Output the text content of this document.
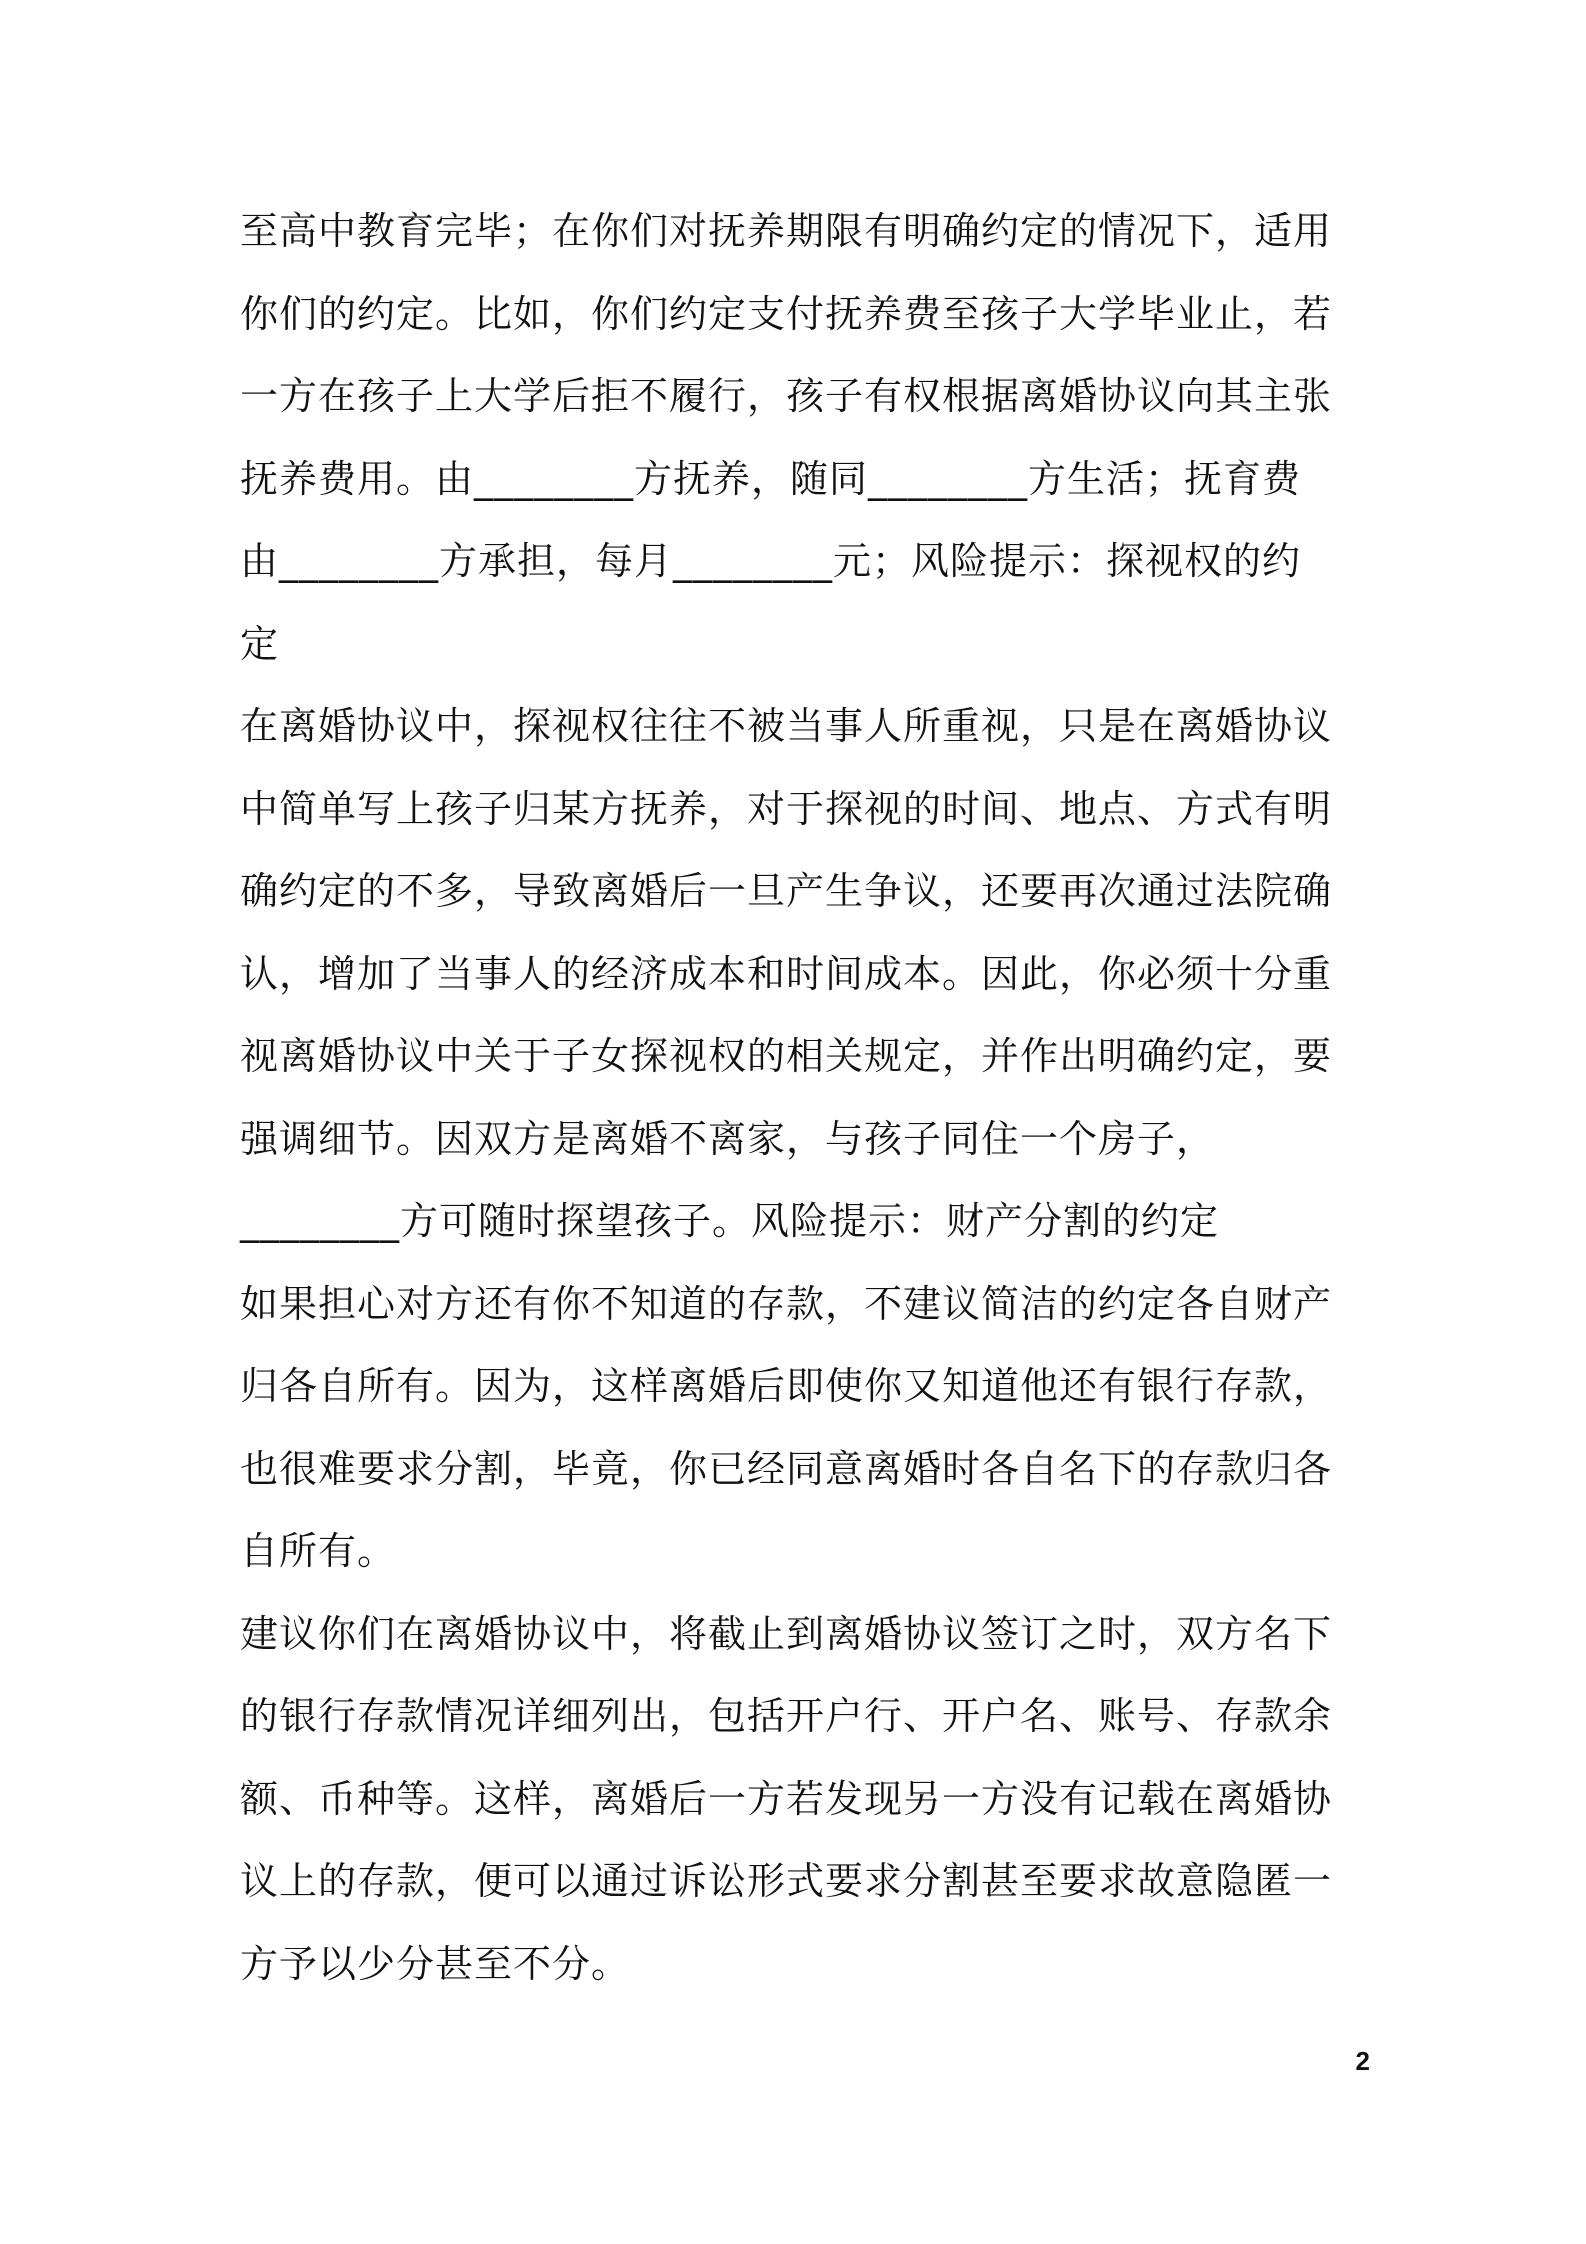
至高中教育完毕；在你们对抚养期限有明确约定的情况下，适用
你们的约定。比如，你们约定支付抚养费至孩子大学毕业止，若
一方在孩子上大学后拒不履行，孩子有权根据离婚协议向其主张
抚养费用。由________方抚养，随同________方生活；抚育费
由________方承担，每月________元；风险提示：探视权的约
定
在离婚协议中，探视权往往不被当事人所重视，只是在离婚协议
中简单写上孩子归某方抚养，对于探视的时间、地点、方式有明
确约定的不多，导致离婚后一旦产生争议，还要再次通过法院确
认，增加了当事人的经济成本和时间成本。因此，你必须十分重
视离婚协议中关于子女探视权的相关规定，并作出明确约定，要
强调细节。因双方是离婚不离家，与孩子同住一个房子，
________方可随时探望孩子。风险提示：财产分割的约定
如果担心对方还有你不知道的存款，不建议简洁的约定各自财产
归各自所有。因为，这样离婚后即使你又知道他还有银行存款，
也很难要求分割，毕竟，你已经同意离婚时各自名下的存款归各
自所有。
建议你们在离婚协议中，将截止到离婚协议签订之时，双方名下
的银行存款情况详细列出，包括开户行、开户名、账号、存款余
额、币种等。这样，离婚后一方若发现另一方没有记载在离婚协
议上的存款，便可以通过诉讼形式要求分割甚至要求故意隐匿一
方予以少分甚至不分。
2
